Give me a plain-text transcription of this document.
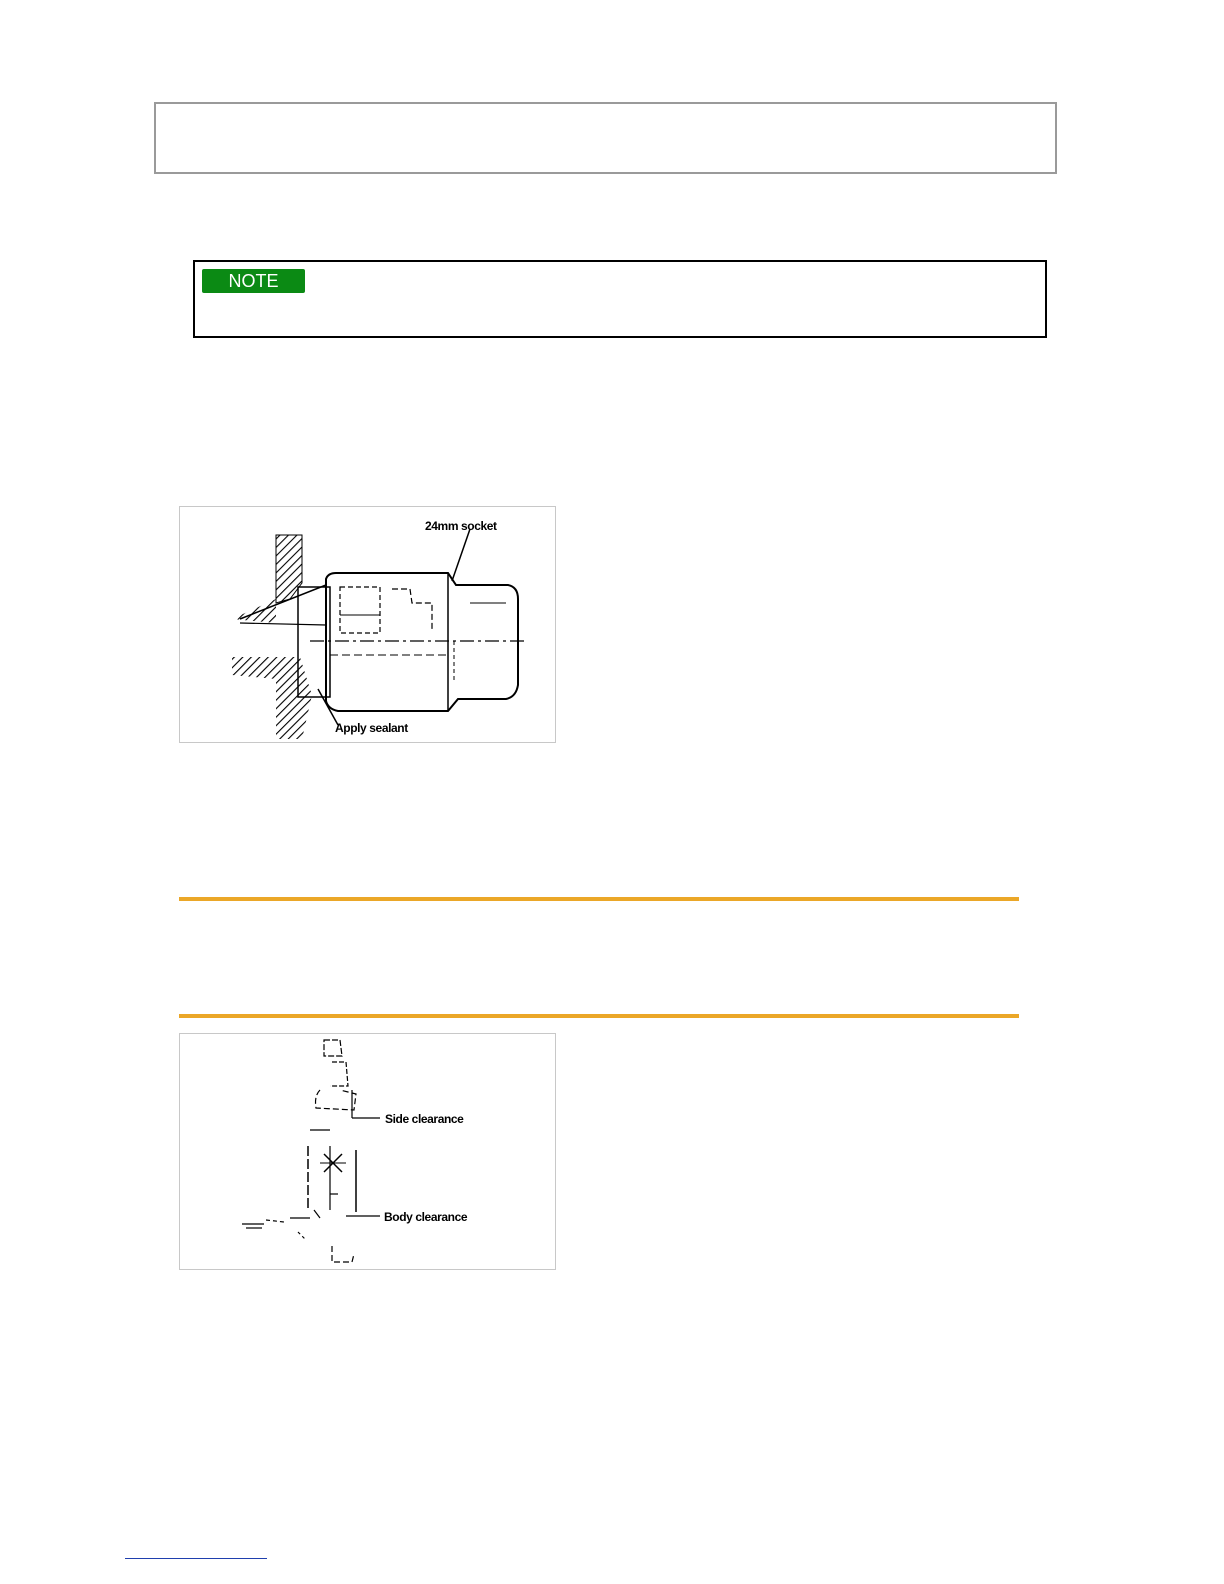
NOTE
24mm socket
Apply sealant
Side clearance
Body clearance
